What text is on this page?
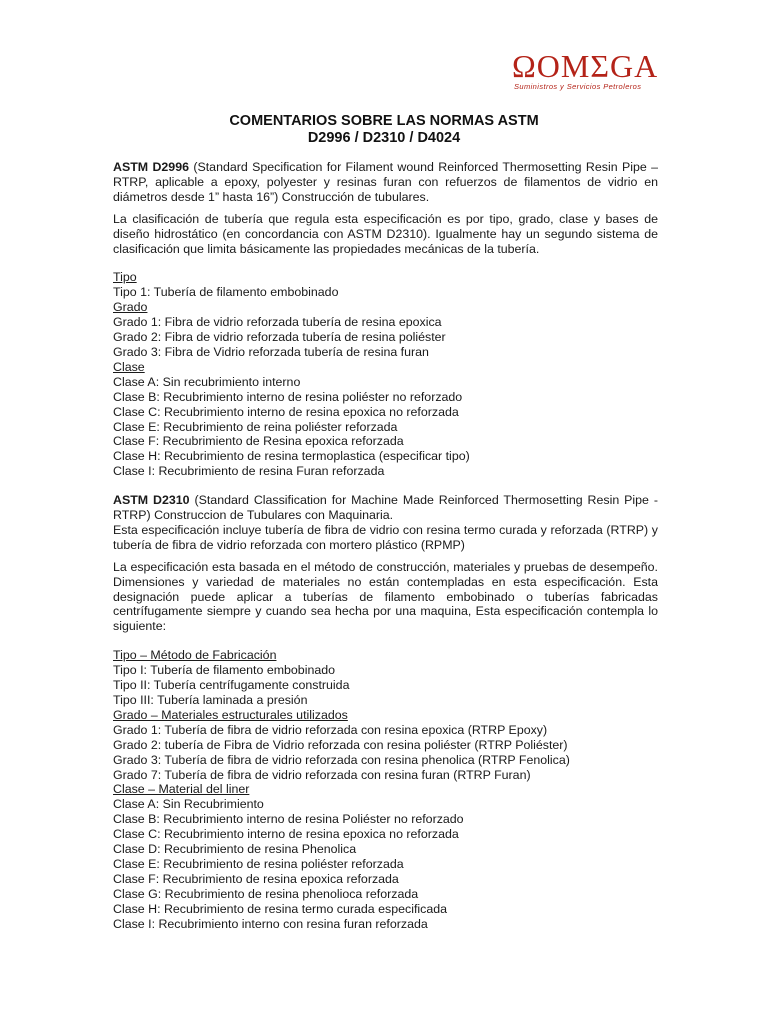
ΩOMΣGA
Suministros y Servicios Petroleros
COMENTARIOS SOBRE LAS NORMAS ASTM
D2996 / D2310 / D4024

ASTM D2996 (Standard Specification for Filament wound Reinforced Thermosetting Resin Pipe – RTRP, aplicable a epoxy, polyester y resinas furan con refuerzos de filamentos de vidrio en diámetros desde 1” hasta 16”) Construcción de tubulares.

La clasificación de tubería que regula esta especificación es por tipo, grado, clase y bases de diseño hidrostático (en concordancia con ASTM D2310). Igualmente hay un segundo sistema de clasificación que limita básicamente las propiedades mecánicas de la tubería.

Tipo
Tipo 1: Tubería de filamento embobinado
Grado
Grado 1: Fibra de vidrio reforzada tubería de resina epoxica
Grado 2: Fibra de vidrio reforzada tubería de resina poliéster
Grado 3: Fibra de Vidrio reforzada tubería de resina furan
Clase
Clase A: Sin recubrimiento interno
Clase B: Recubrimiento interno de resina poliéster no reforzado
Clase C: Recubrimiento interno de resina epoxica no reforzada
Clase E: Recubrimiento de reina poliéster reforzada
Clase F: Recubrimiento de Resina epoxica reforzada
Clase H: Recubrimiento de resina termoplastica (especificar tipo)
Clase I: Recubrimiento de resina Furan reforzada

ASTM D2310 (Standard Classification for Machine Made Reinforced Thermosetting Resin Pipe - RTRP) Construccion de Tubulares con Maquinaria.

Esta especificación incluye tubería de fibra de vidrio con resina termo curada y reforzada (RTRP) y tubería de fibra de vidrio reforzada con mortero plástico (RPMP)

La especificación esta basada en el método de construcción, materiales y pruebas de desempeño. Dimensiones y variedad de materiales no están contempladas en esta especificación. Esta designación puede aplicar a tuberías de filamento embobinado o tuberías fabricadas centrífugamente siempre y cuando sea hecha por una maquina, Esta especificación contempla lo siguiente:

Tipo – Método de Fabricación
Tipo I: Tubería de filamento embobinado
Tipo II: Tubería centrífugamente construida
Tipo III: Tubería laminada a presión
Grado – Materiales estructurales utilizados
Grado 1: Tubería de fibra de vidrio reforzada con resina epoxica (RTRP Epoxy)
Grado 2: tubería de Fibra de Vidrio reforzada con resina poliéster (RTRP Poliéster)
Grado 3: Tubería de fibra de vidrio reforzada con resina phenolica (RTRP Fenolica)
Grado 7: Tubería de fibra de vidrio reforzada con resina furan (RTRP Furan)
Clase – Material del liner
Clase A: Sin Recubrimiento
Clase B: Recubrimiento interno de resina Poliéster no reforzado
Clase C: Recubrimiento interno de resina epoxica no reforzada
Clase D: Recubrimiento de resina Phenolica
Clase E: Recubrimiento de resina poliéster reforzada
Clase F: Recubrimiento de resina epoxica reforzada
Clase G: Recubrimiento de resina phenolioca reforzada
Clase H: Recubrimiento de resina termo curada especificada
Clase I: Recubrimiento interno con resina furan reforzada
